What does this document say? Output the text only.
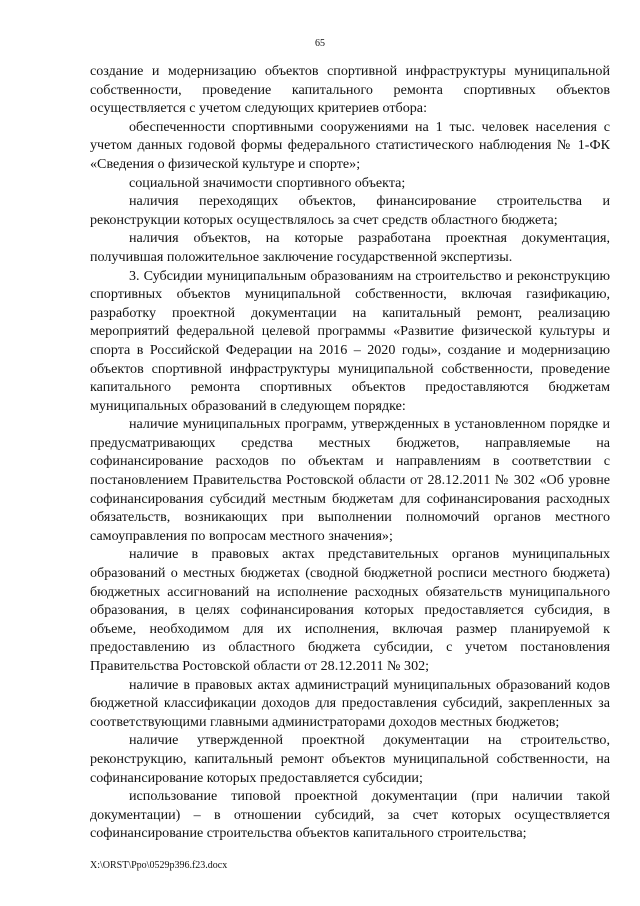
65

создание и модернизацию объектов спортивной инфраструктуры муниципальной собственности, проведение капитального ремонта спортивных объектов осуществляется с учетом следующих критериев отбора:

обеспеченности спортивными сооружениями на 1 тыс. человек населения с учетом данных годовой формы федерального статистического наблюдения № 1-ФК «Сведения о физической культуре и спорте»;

социальной значимости спортивного объекта;

наличия переходящих объектов, финансирование строительства и реконструкции которых осуществлялось за счет средств областного бюджета;

наличия объектов, на которые разработана проектная документация, получившая положительное заключение государственной экспертизы.

3. Субсидии муниципальным образованиям на строительство и реконструкцию спортивных объектов муниципальной собственности, включая газификацию, разработку проектной документации на капитальный ремонт, реализацию мероприятий федеральной целевой программы «Развитие физической культуры и спорта в Российской Федерации на 2016 – 2020 годы», создание и модернизацию объектов спортивной инфраструктуры муниципальной собственности, проведение капитального ремонта спортивных объектов предоставляются бюджетам муниципальных образований в следующем порядке:

наличие муниципальных программ, утвержденных в установленном порядке и предусматривающих средства местных бюджетов, направляемые на софинансирование расходов по объектам и направлениям в соответствии с постановлением Правительства Ростовской области от 28.12.2011 № 302 «Об уровне софинансирования субсидий местным бюджетам для софинансирования расходных обязательств, возникающих при выполнении полномочий органов местного самоуправления по вопросам местного значения»;

наличие в правовых актах представительных органов муниципальных образований о местных бюджетах (сводной бюджетной росписи местного бюджета) бюджетных ассигнований на исполнение расходных обязательств муниципального образования, в целях софинансирования которых предоставляется субсидия, в объеме, необходимом для их исполнения, включая размер планируемой к предоставлению из областного бюджета субсидии, с учетом постановления Правительства Ростовской области от 28.12.2011 № 302;

наличие в правовых актах администраций муниципальных образований кодов бюджетной классификации доходов для предоставления субсидий, закрепленных за соответствующими главными администраторами доходов местных бюджетов;

наличие утвержденной проектной документации на строительство, реконструкцию, капитальный ремонт объектов муниципальной собственности, на софинансирование которых предоставляется субсидии;

использование типовой проектной документации (при наличии такой документации) – в отношении субсидий, за счет которых осуществляется софинансирование строительства объектов капитального строительства;

X:\ORST\Ppo\0529p396.f23.docx
